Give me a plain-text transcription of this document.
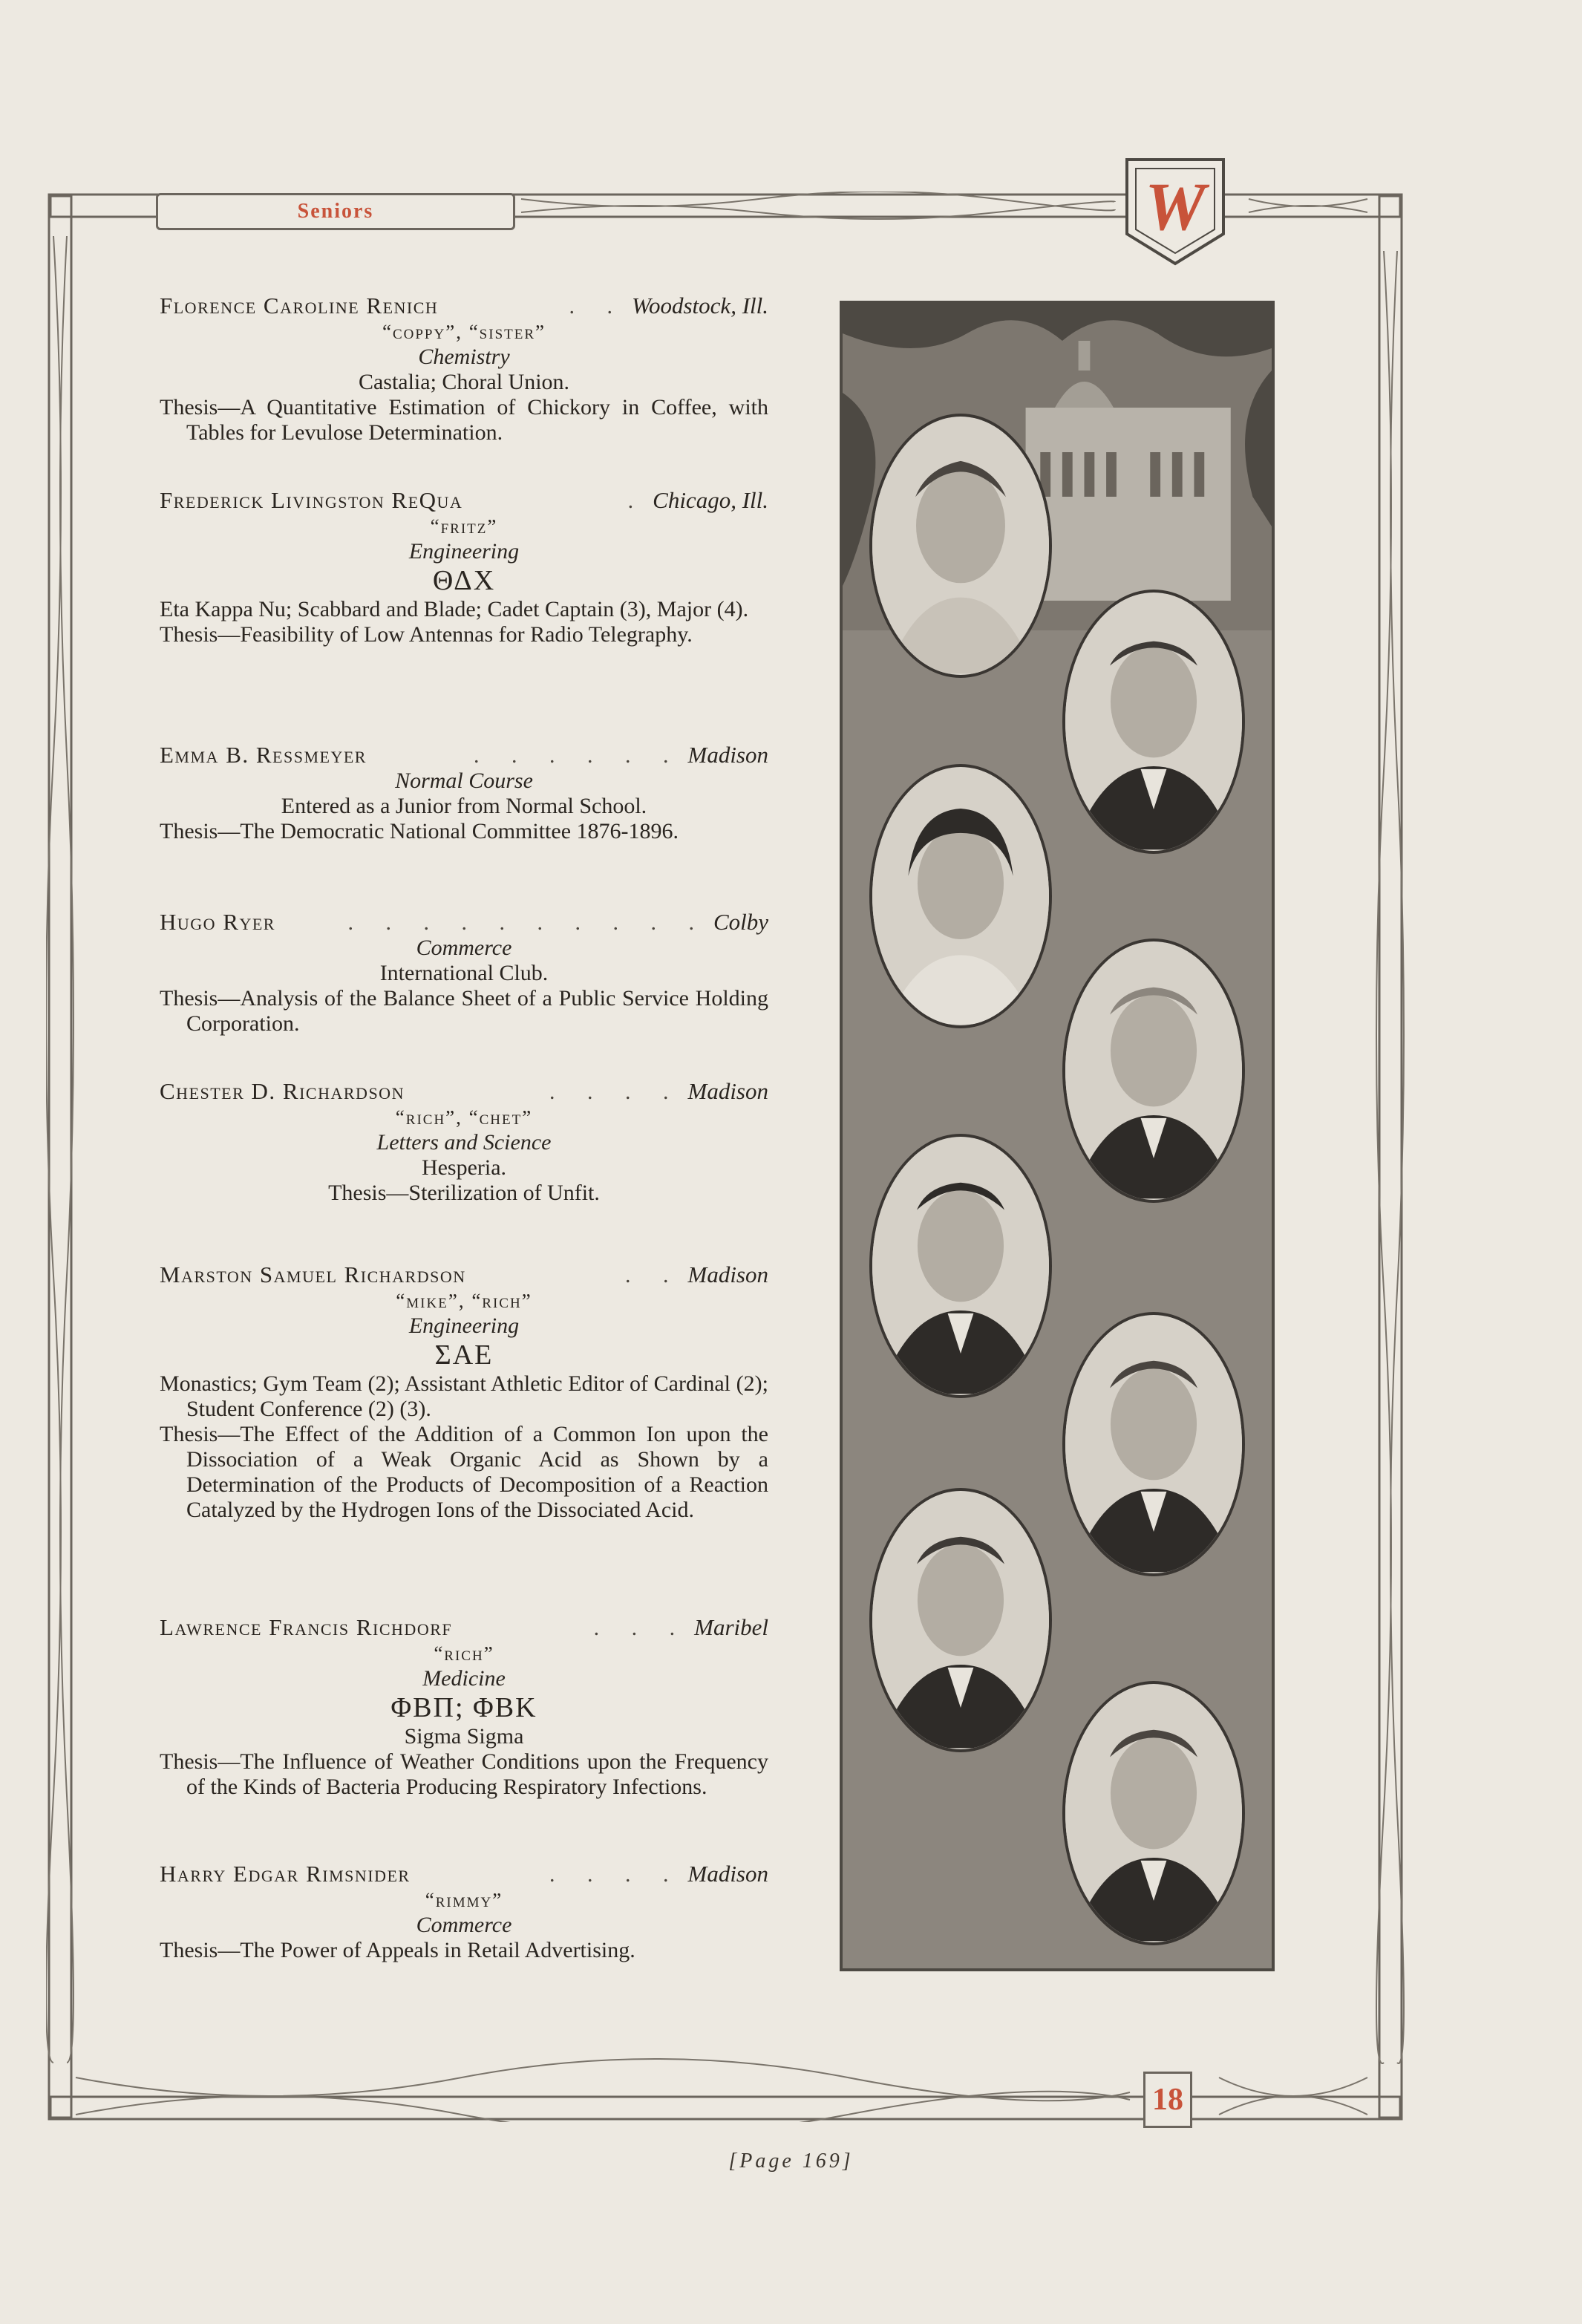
Seniors	W
Florence Caroline Renich	. . Woodstock, Ill.
“coppy”, “sister”
Chemistry
Castalia; Choral Union.
Thesis—A Quantitative Estimation of Chickory in Coffee, with Tables for Levulose Determination.
Frederick Livingston ReQua	. Chicago, Ill.
“fritz”
Engineering
ΘΔX
Eta Kappa Nu; Scabbard and Blade; Cadet Captain (3), Major (4).
Thesis—Feasibility of Low Antennas for Radio Telegraphy.
Emma B. Ressmeyer	. . . . . . Madison
Normal Course
Entered as a Junior from Normal School.
Thesis—The Democratic National Committee 1876-1896.
Hugo Ryer	. . . . . . . . . . Colby
Commerce
International Club.
Thesis—Analysis of the Balance Sheet of a Public Service Holding Corporation.
Chester D. Richardson	. . . . Madison
“rich”, “chet”
Letters and Science
Hesperia.
Thesis—Sterilization of Unfit.
Marston Samuel Richardson	. . Madison
“mike”, “rich”
Engineering
ΣAE
Monastics; Gym Team (2); Assistant Athletic Editor of Cardinal (2); Student Conference (2) (3).
Thesis—The Effect of the Addition of a Common Ion upon the Dissociation of a Weak Organic Acid as Shown by a Determination of the Products of Decomposition of a Reaction Catalyzed by the Hydrogen Ions of the Dissociated Acid.
Lawrence Francis Richdorf	. . . Maribel
“rich”
Medicine
ΦBΠ; ΦBK
Sigma Sigma
Thesis—The Influence of Weather Conditions upon the Frequency of the Kinds of Bacteria Producing Respiratory Infections.
Harry Edgar Rimsnider	. . . . Madison
“rimmy”
Commerce
Thesis—The Power of Appeals in Retail Advertising.
18
[Page 169]
